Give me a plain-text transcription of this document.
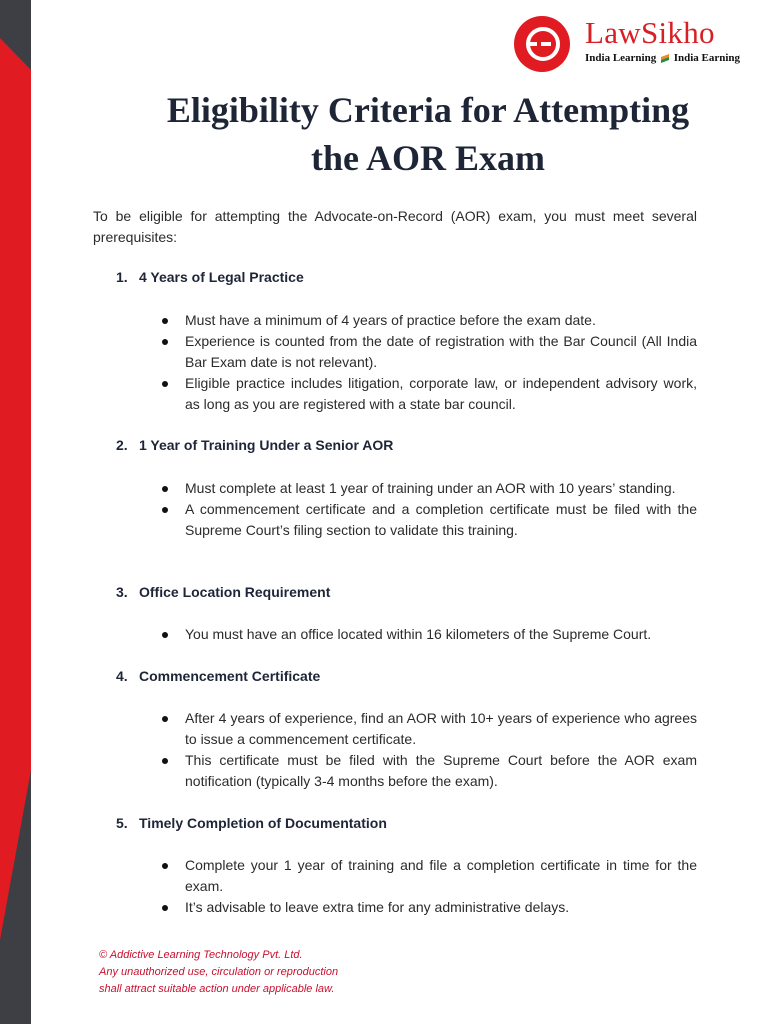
LawSikho
India Learning India Earning
Eligibility Criteria for Attempting
the AOR Exam

To be eligible for attempting the Advocate-on-Record (AOR) exam, you must meet several prerequisites:

1. 4 Years of Legal Practice
Must have a minimum of 4 years of practice before the exam date.
Experience is counted from the date of registration with the Bar Council (All India Bar Exam date is not relevant).
Eligible practice includes litigation, corporate law, or independent advisory work, as long as you are registered with a state bar council.
2. 1 Year of Training Under a Senior AOR
Must complete at least 1 year of training under an AOR with 10 years’ standing.
A commencement certificate and a completion certificate must be filed with the Supreme Court’s filing section to validate this training.
3. Office Location Requirement
You must have an office located within 16 kilometers of the Supreme Court.
4. Commencement Certificate
After 4 years of experience, find an AOR with 10+ years of experience who agrees to issue a commencement certificate.
This certificate must be filed with the Supreme Court before the AOR exam notification (typically 3-4 months before the exam).
5. Timely Completion of Documentation
Complete your 1 year of training and file a completion certificate in time for the exam.
It’s advisable to leave extra time for any administrative delays.
© Addictive Learning Technology Pvt. Ltd.
Any unauthorized use, circulation or reproduction
shall attract suitable action under applicable law.
